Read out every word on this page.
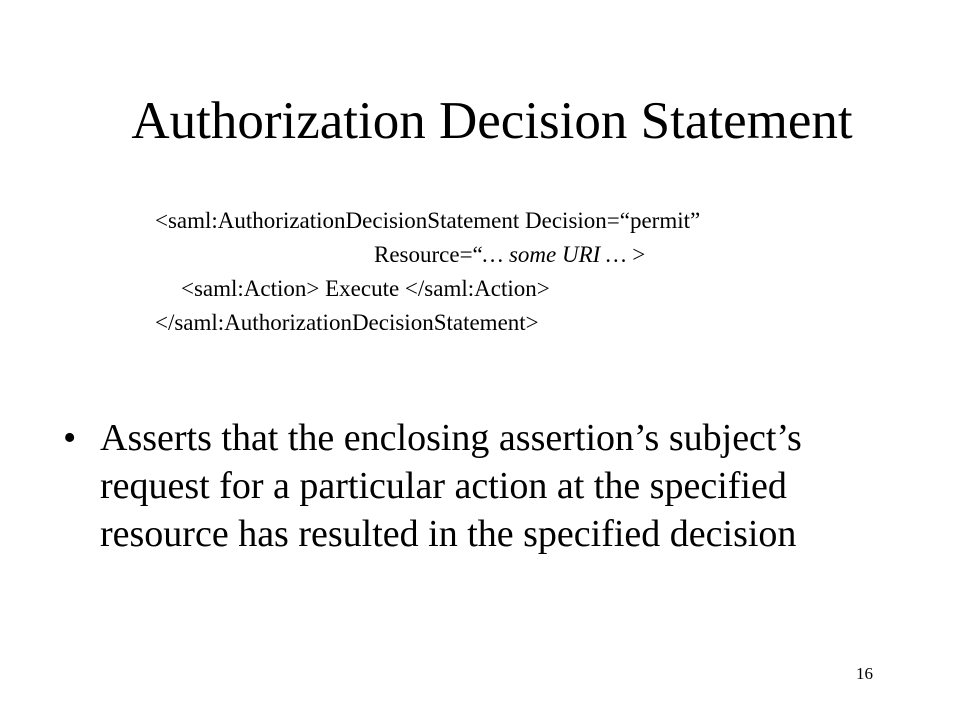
Authorization Decision Statement
<saml:AuthorizationDecisionStatement Decision=“permit”
Resource=“… some URI … >
<saml:Action> Execute </saml:Action>
</saml:AuthorizationDecisionStatement>
• Asserts that the enclosing assertion’s subject’s request for a particular action at the specified resource has resulted in the specified decision
16
